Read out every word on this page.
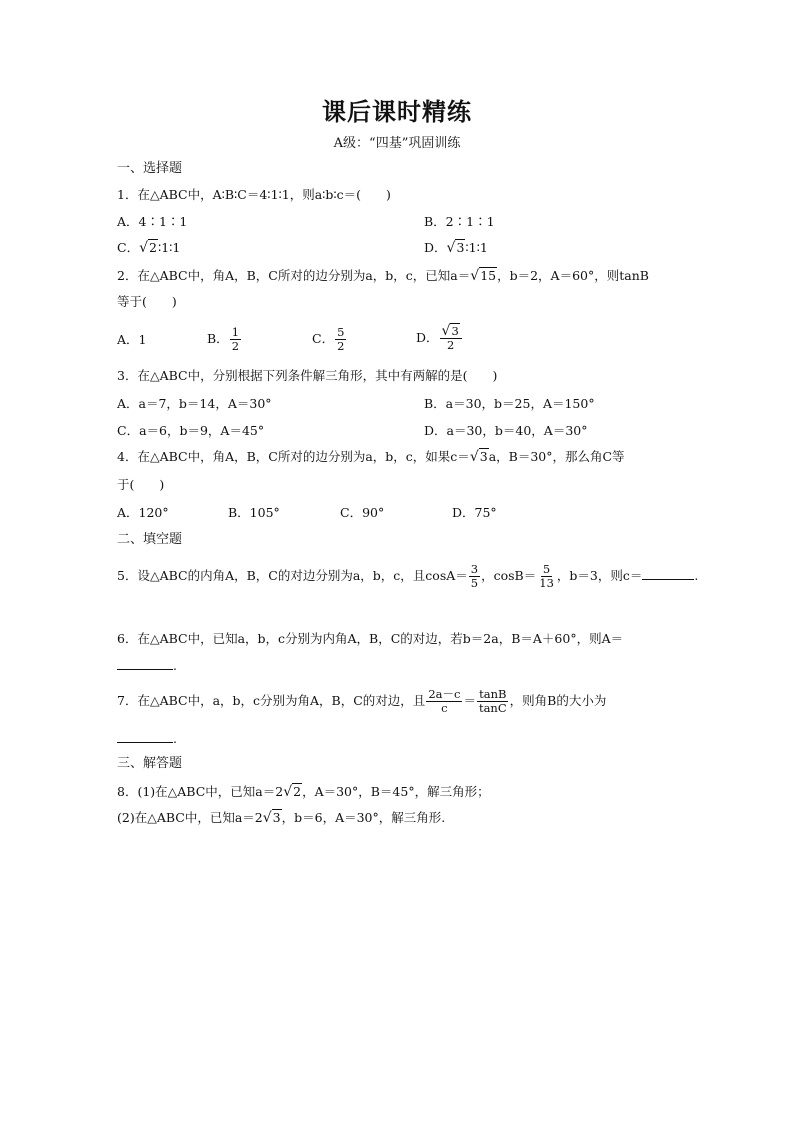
课后课时精练
A级：“四基”巩固训练
一、选择题
1．在△ABC中，A∶B∶C＝4∶1∶1，则a∶b∶c＝(　　)
A．4∶1∶1	B．2∶1∶1
C．√2∶1∶1	D．√3∶1∶1
2．在△ABC中，角A，B，C所对的边分别为a，b，c，已知a＝√15，b＝2，A＝60°，则tanB
等于(　　)
A．1	B． $\frac{1}{2}$	C． $\frac{5}{2}$	D． $\frac{√3}{2}$
3．在△ABC中，分别根据下列条件解三角形，其中有两解的是(　　)
A．a＝7，b＝14，A＝30°	B．a＝30，b＝25，A＝150°
C．a＝6，b＝9，A＝45°	D．a＝30，b＝40，A＝30°
4．在△ABC中，角A，B，C所对的边分别为a，b，c，如果c＝√3a，B＝30°，那么角C等
于(　　)
A．120°	B．105°	C．90°	D．75°
二、填空题
5．设△ABC的内角A，B，C的对边分别为a，b，c，且$\cos A= \frac{3}{5}$ ，$\cos B= \frac{5}{13}$ ，b＝3，则c＝	.
6．在△ABC中，已知a，b，c分别为内角A，B，C的对边，若b＝2a，B＝A＋60°，则A＝
.
7．在△ABC中，a，b，c分别为角A，B，C的对边，且 $\frac{2a-c}{c} = \frac{\tan B}{\tan C}$ ，则角B的大小为
.
三、解答题
8．(1)在△ABC中，已知a＝2√2，A＝30°，B＝45°，解三角形；
(2)在△ABC中，已知a＝2√3，b＝6，A＝30°，解三角形.
